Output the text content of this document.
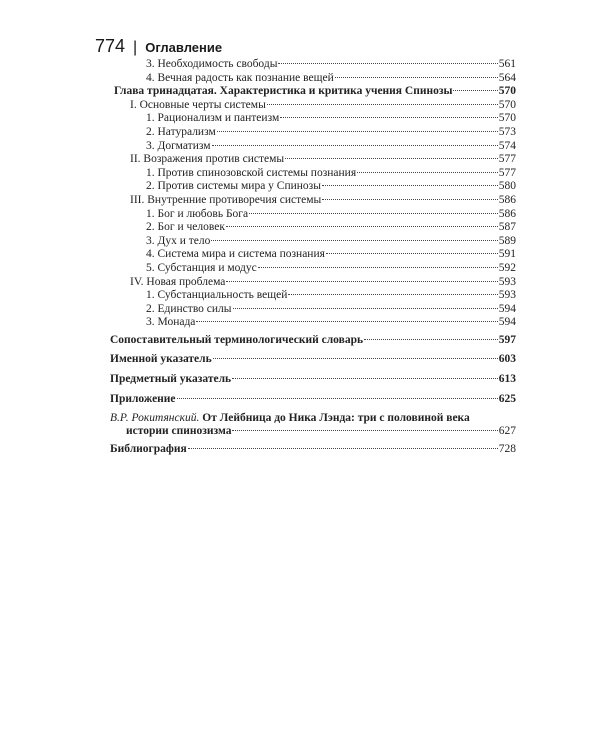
774 | Оглавление
3. Необходимость свободы	561
4. Вечная радость как познание вещей	564
Глава тринадцатая. Характеристика и критика учения Спинозы	570
I. Основные черты системы	570
1. Рационализм и пантеизм	570
2. Натурализм	573
3. Догматизм	574
II. Возражения против системы	577
1. Против спинозовской системы познания	577
2. Против системы мира у Спинозы	580
III. Внутренние противоречия системы	586
1. Бог и любовь Бога	586
2. Бог и человек	587
3. Дух и тело	589
4. Система мира и система познания	591
5. Субстанция и модус	592
IV. Новая проблема	593
1. Субстанциальность вещей	593
2. Единство силы	594
3. Монада	594
Сопоставительный терминологический словарь	597
Именной указатель	603
Предметный указатель	613
Приложение	625
В.Р. Рокитянский. От Лейбница до Ника Лэнда: три с половиной века
истории спинозизма	627
Библиография	728
